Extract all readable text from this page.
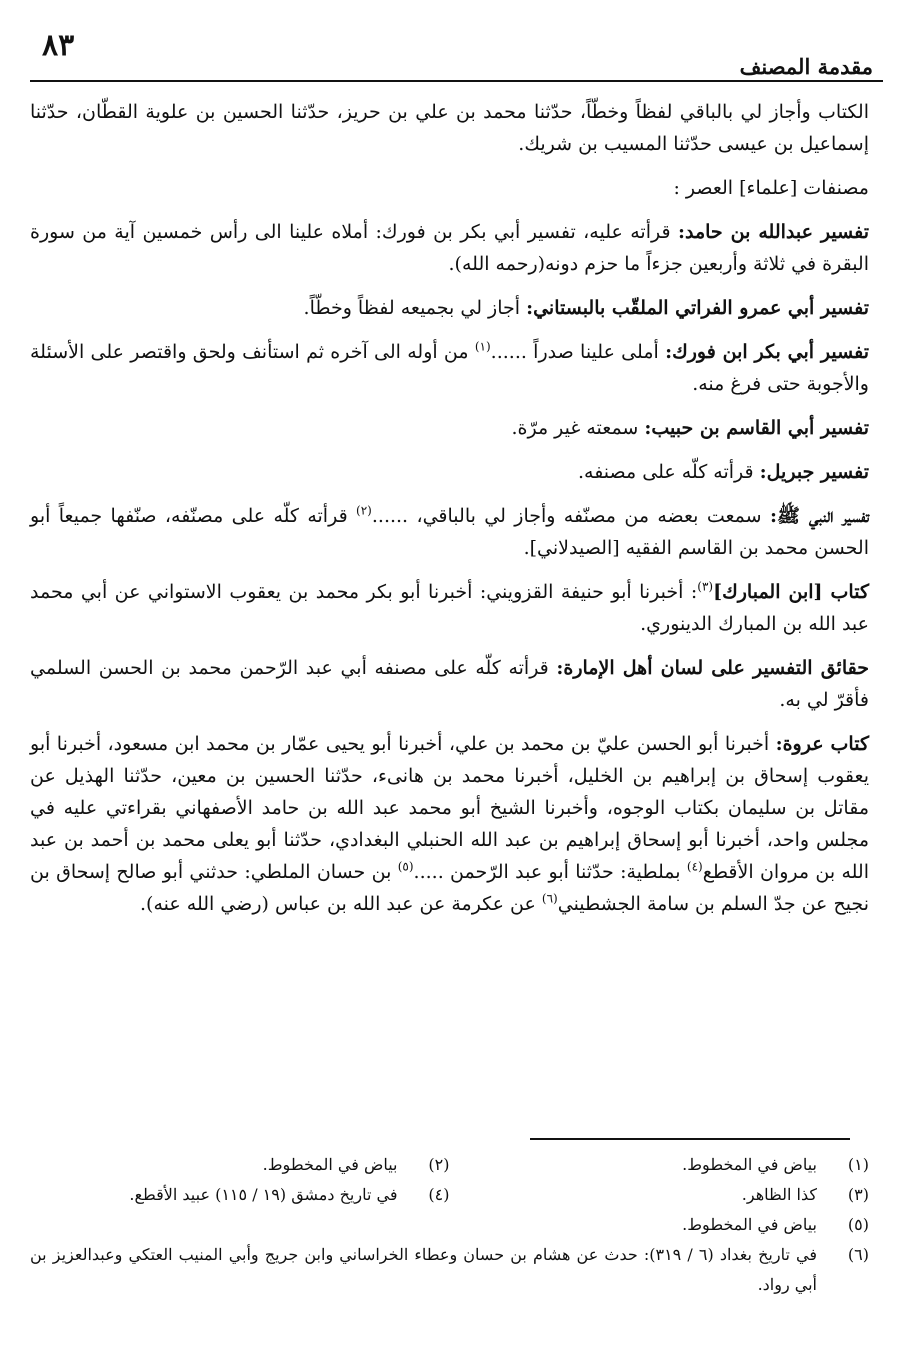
٨٣
مقدمة المصنف

الكتاب وأجاز لي بالباقي لفظاً وخطّاً، حدّثنا محمد بن علي بن حريز، حدّثنا الحسين بن علوية القطّان، حدّثنا إسماعيل بن عيسى حدّثنا المسيب بن شريك.

مصنفات [علماء] العصر :

تفسير عبدالله بن حامد: قرأته عليه، تفسير أبي بكر بن فورك: أملاه علينا الى رأس خمسين آية من سورة البقرة في ثلاثة وأربعين جزءاً ما حزم دونه(رحمه الله).

تفسير أبي عمرو الفراتي الملقّب بالبستاني: أجاز لي بجميعه لفظاً وخطّاً.

تفسير أبي بكر ابن فورك: أملى علينا صدراً ......$^{(١)}$ من أوله الى آخره ثم استأنف ولحق واقتصر على الأسئلة والأجوبة حتى فرغ منه.

تفسير أبي القاسم بن حبيب: سمعته غير مرّة.

تفسير جبريل: قرأته كلّه على مصنفه.

تفسير النبي ﷺ: سمعت بعضه من مصنّفه وأجاز لي بالباقي، ......$^{(٢)}$ قرأته كلّه على مصنّفه، صنّفها جميعاً أبو الحسن محمد بن القاسم الفقيه [الصيدلاني].

كتاب [ابن المبارك]$^{(٣)}$: أخبرنا أبو حنيفة القزويني: أخبرنا أبو بكر محمد بن يعقوب الاستواني عن أبي محمد عبد الله بن المبارك الدينوري.

حقائق التفسير على لسان أهل الإمارة: قرأته كلّه على مصنفه أبي عبد الرّحمن محمد بن الحسن السلمي فأقرّ لي به.

كتاب عروة: أخبرنا أبو الحسن عليّ بن محمد بن علي، أخبرنا أبو يحيى عمّار بن محمد ابن مسعود، أخبرنا أبو يعقوب إسحاق بن إبراهيم بن الخليل، أخبرنا محمد بن هانىء، حدّثنا الحسين بن معين، حدّثنا الهذيل عن مقاتل بن سليمان بكتاب الوجوه، وأخبرنا الشيخ أبو محمد عبد الله بن حامد الأصفهاني بقراءتي عليه في مجلس واحد، أخبرنا أبو إسحاق إبراهيم بن عبد الله الحنبلي البغدادي، حدّثنا أبو يعلى محمد بن أحمد بن عبد الله بن مروان الأقطع$^{(٤)}$ بملطية: حدّثنا أبو عبد الرّحمن .....$^{(٥)}$ بن حسان الملطي: حدثني أبو صالح إسحاق بن نجيح عن جدّ السلم بن سامة الجشطيني$^{(٦)}$ عن عكرمة عن عبد الله بن عباس (رضي الله عنه).

(١)
بياض في المخطوط.
(٢)
بياض في المخطوط.
(٣)
كذا الظاهر.
(٤)
في تاريخ دمشق (١٩ / ١١٥) عبيد الأقطع.
(٥)
بياض في المخطوط.
(٦)
في تاريخ بغداد (٦ / ٣١٩): حدث عن هشام بن حسان وعطاء الخراساني وابن جريج وأبي المنيب العتكي وعبدالعزيز بن أبي رواد.
